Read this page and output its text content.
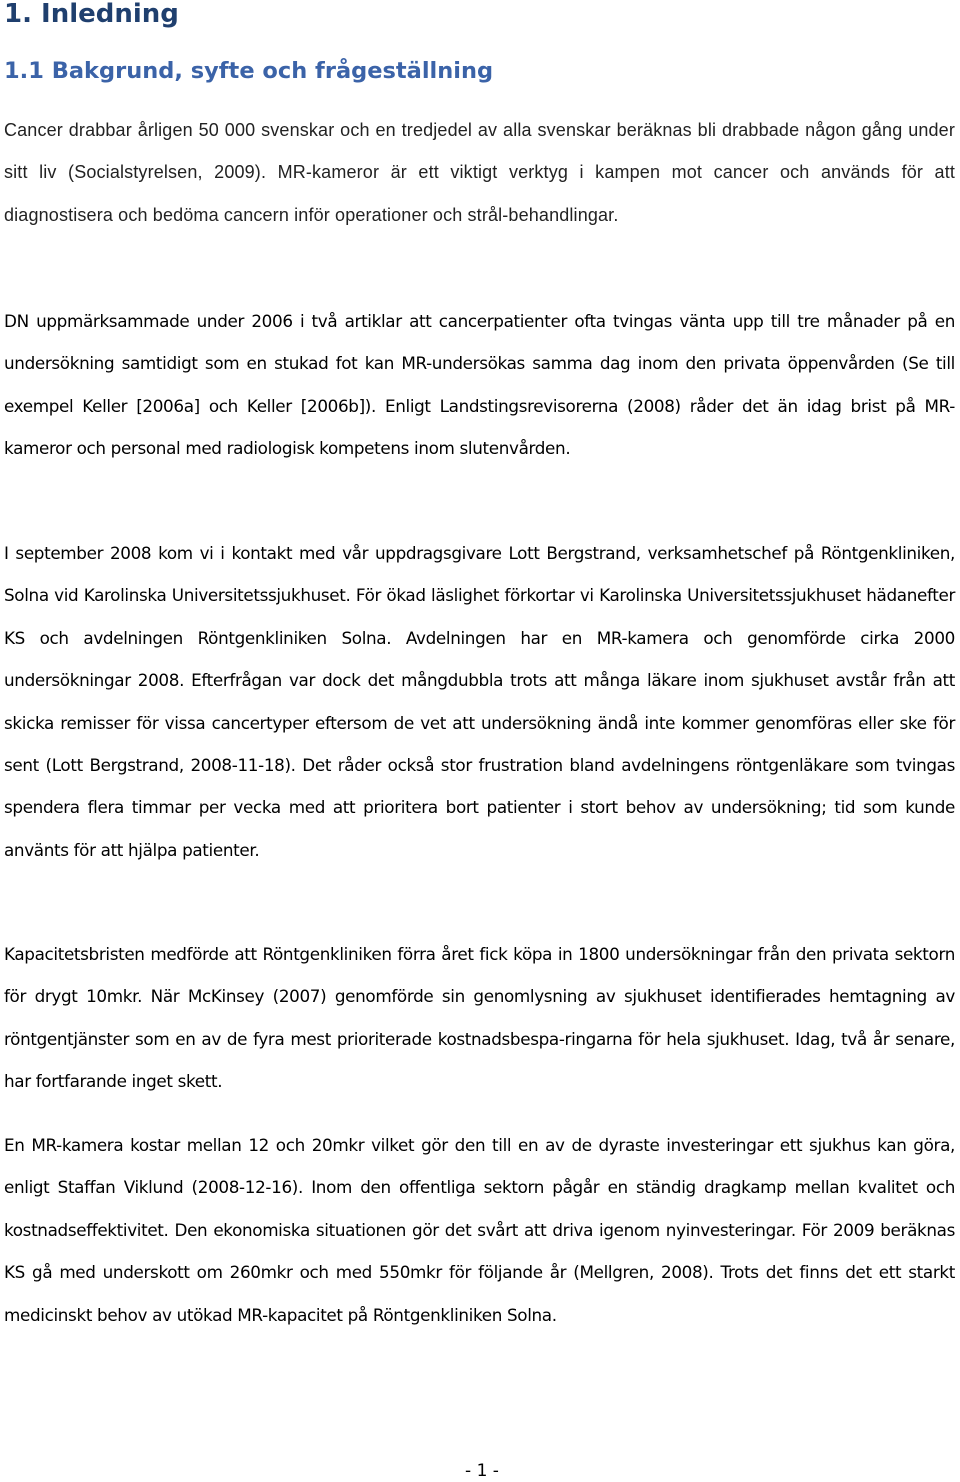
1. Inledning
1.1 Bakgrund, syfte och frågeställning

Cancer drabbar årligen 50 000 svenskar och en tredjedel av alla svenskar beräknas bli drabbade någon gång under sitt liv (Socialstyrelsen, 2009). MR-kameror är ett viktigt verktyg i kampen mot cancer och används för att diagnostisera och bedöma cancern inför operationer och strål-behandlingar.

DN uppmärksammade under 2006 i två artiklar att cancerpatienter ofta tvingas vänta upp till tre månader på en undersökning samtidigt som en stukad fot kan MR-undersökas samma dag inom den privata öppenvården (Se till exempel Keller [2006a] och Keller [2006b]). Enligt Landstingsrevisorerna (2008) råder det än idag brist på MR-kameror och personal med radiologisk kompetens inom slutenvården.

I september 2008 kom vi i kontakt med vår uppdragsgivare Lott Bergstrand, verksamhetschef på Röntgenkliniken, Solna vid Karolinska Universitetssjukhuset. För ökad läslighet förkortar vi Karolinska Universitetssjukhuset hädanefter KS och avdelningen Röntgenkliniken Solna. Avdelningen har en MR-kamera och genomförde cirka 2000 undersökningar 2008. Efterfrågan var dock det mångdubbla trots att många läkare inom sjukhuset avstår från att skicka remisser för vissa cancertyper eftersom de vet att undersökning ändå inte kommer genomföras eller ske för sent (Lott Bergstrand, 2008-11-18). Det råder också stor frustration bland avdelningens röntgenläkare som tvingas spendera flera timmar per vecka med att prioritera bort patienter i stort behov av undersökning; tid som kunde använts för att hjälpa patienter.

Kapacitetsbristen medförde att Röntgenkliniken förra året fick köpa in 1800 undersökningar från den privata sektorn för drygt 10mkr. När McKinsey (2007) genomförde sin genomlysning av sjukhuset identifierades hemtagning av röntgentjänster som en av de fyra mest prioriterade kostnadsbespa-ringarna för hela sjukhuset. Idag, två år senare, har fortfarande inget skett.

En MR-kamera kostar mellan 12 och 20mkr vilket gör den till en av de dyraste investeringar ett sjukhus kan göra, enligt Staffan Viklund (2008-12-16). Inom den offentliga sektorn pågår en ständig dragkamp mellan kvalitet och kostnadseffektivitet. Den ekonomiska situationen gör det svårt att driva igenom nyinvesteringar. För 2009 beräknas KS gå med underskott om 260mkr och med 550mkr för följande år (Mellgren, 2008). Trots det finns det ett starkt medicinskt behov av utökad MR-kapacitet på Röntgenkliniken Solna.

- 1 -
